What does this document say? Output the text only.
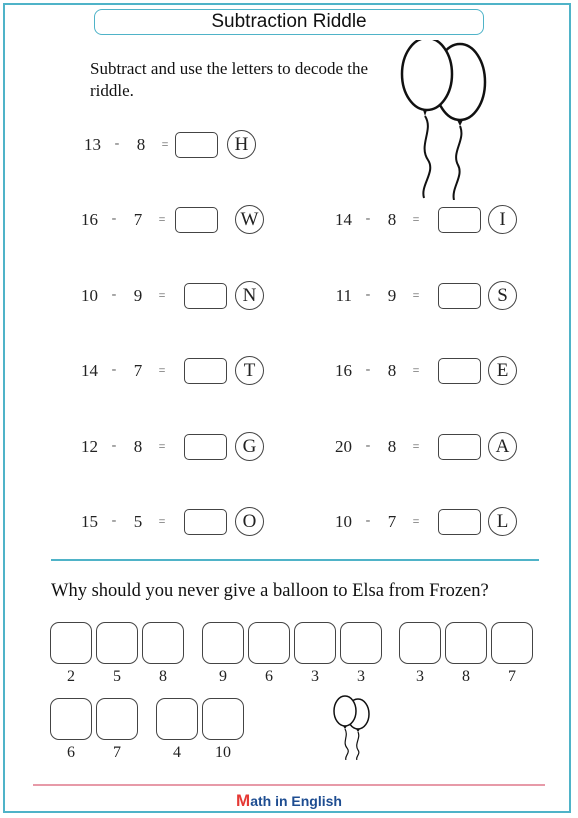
Subtraction Riddle
Subtract and use the letters to decode the riddle.
13 - 8	=	H
16 - 7	=	W	14 - 8	=	I
10 - 9	=	N	11 - 9	=	S
14 - 7	=	T	16 - 8	=	E
12 - 8	=	G	20 - 8	=	A
15 - 5	=	O	10 - 7	=	L
Why should you never give a balloon to Elsa from Frozen?
2	5	8	9	6	3	3	3	8	7
6	7	4	10
Math in English
